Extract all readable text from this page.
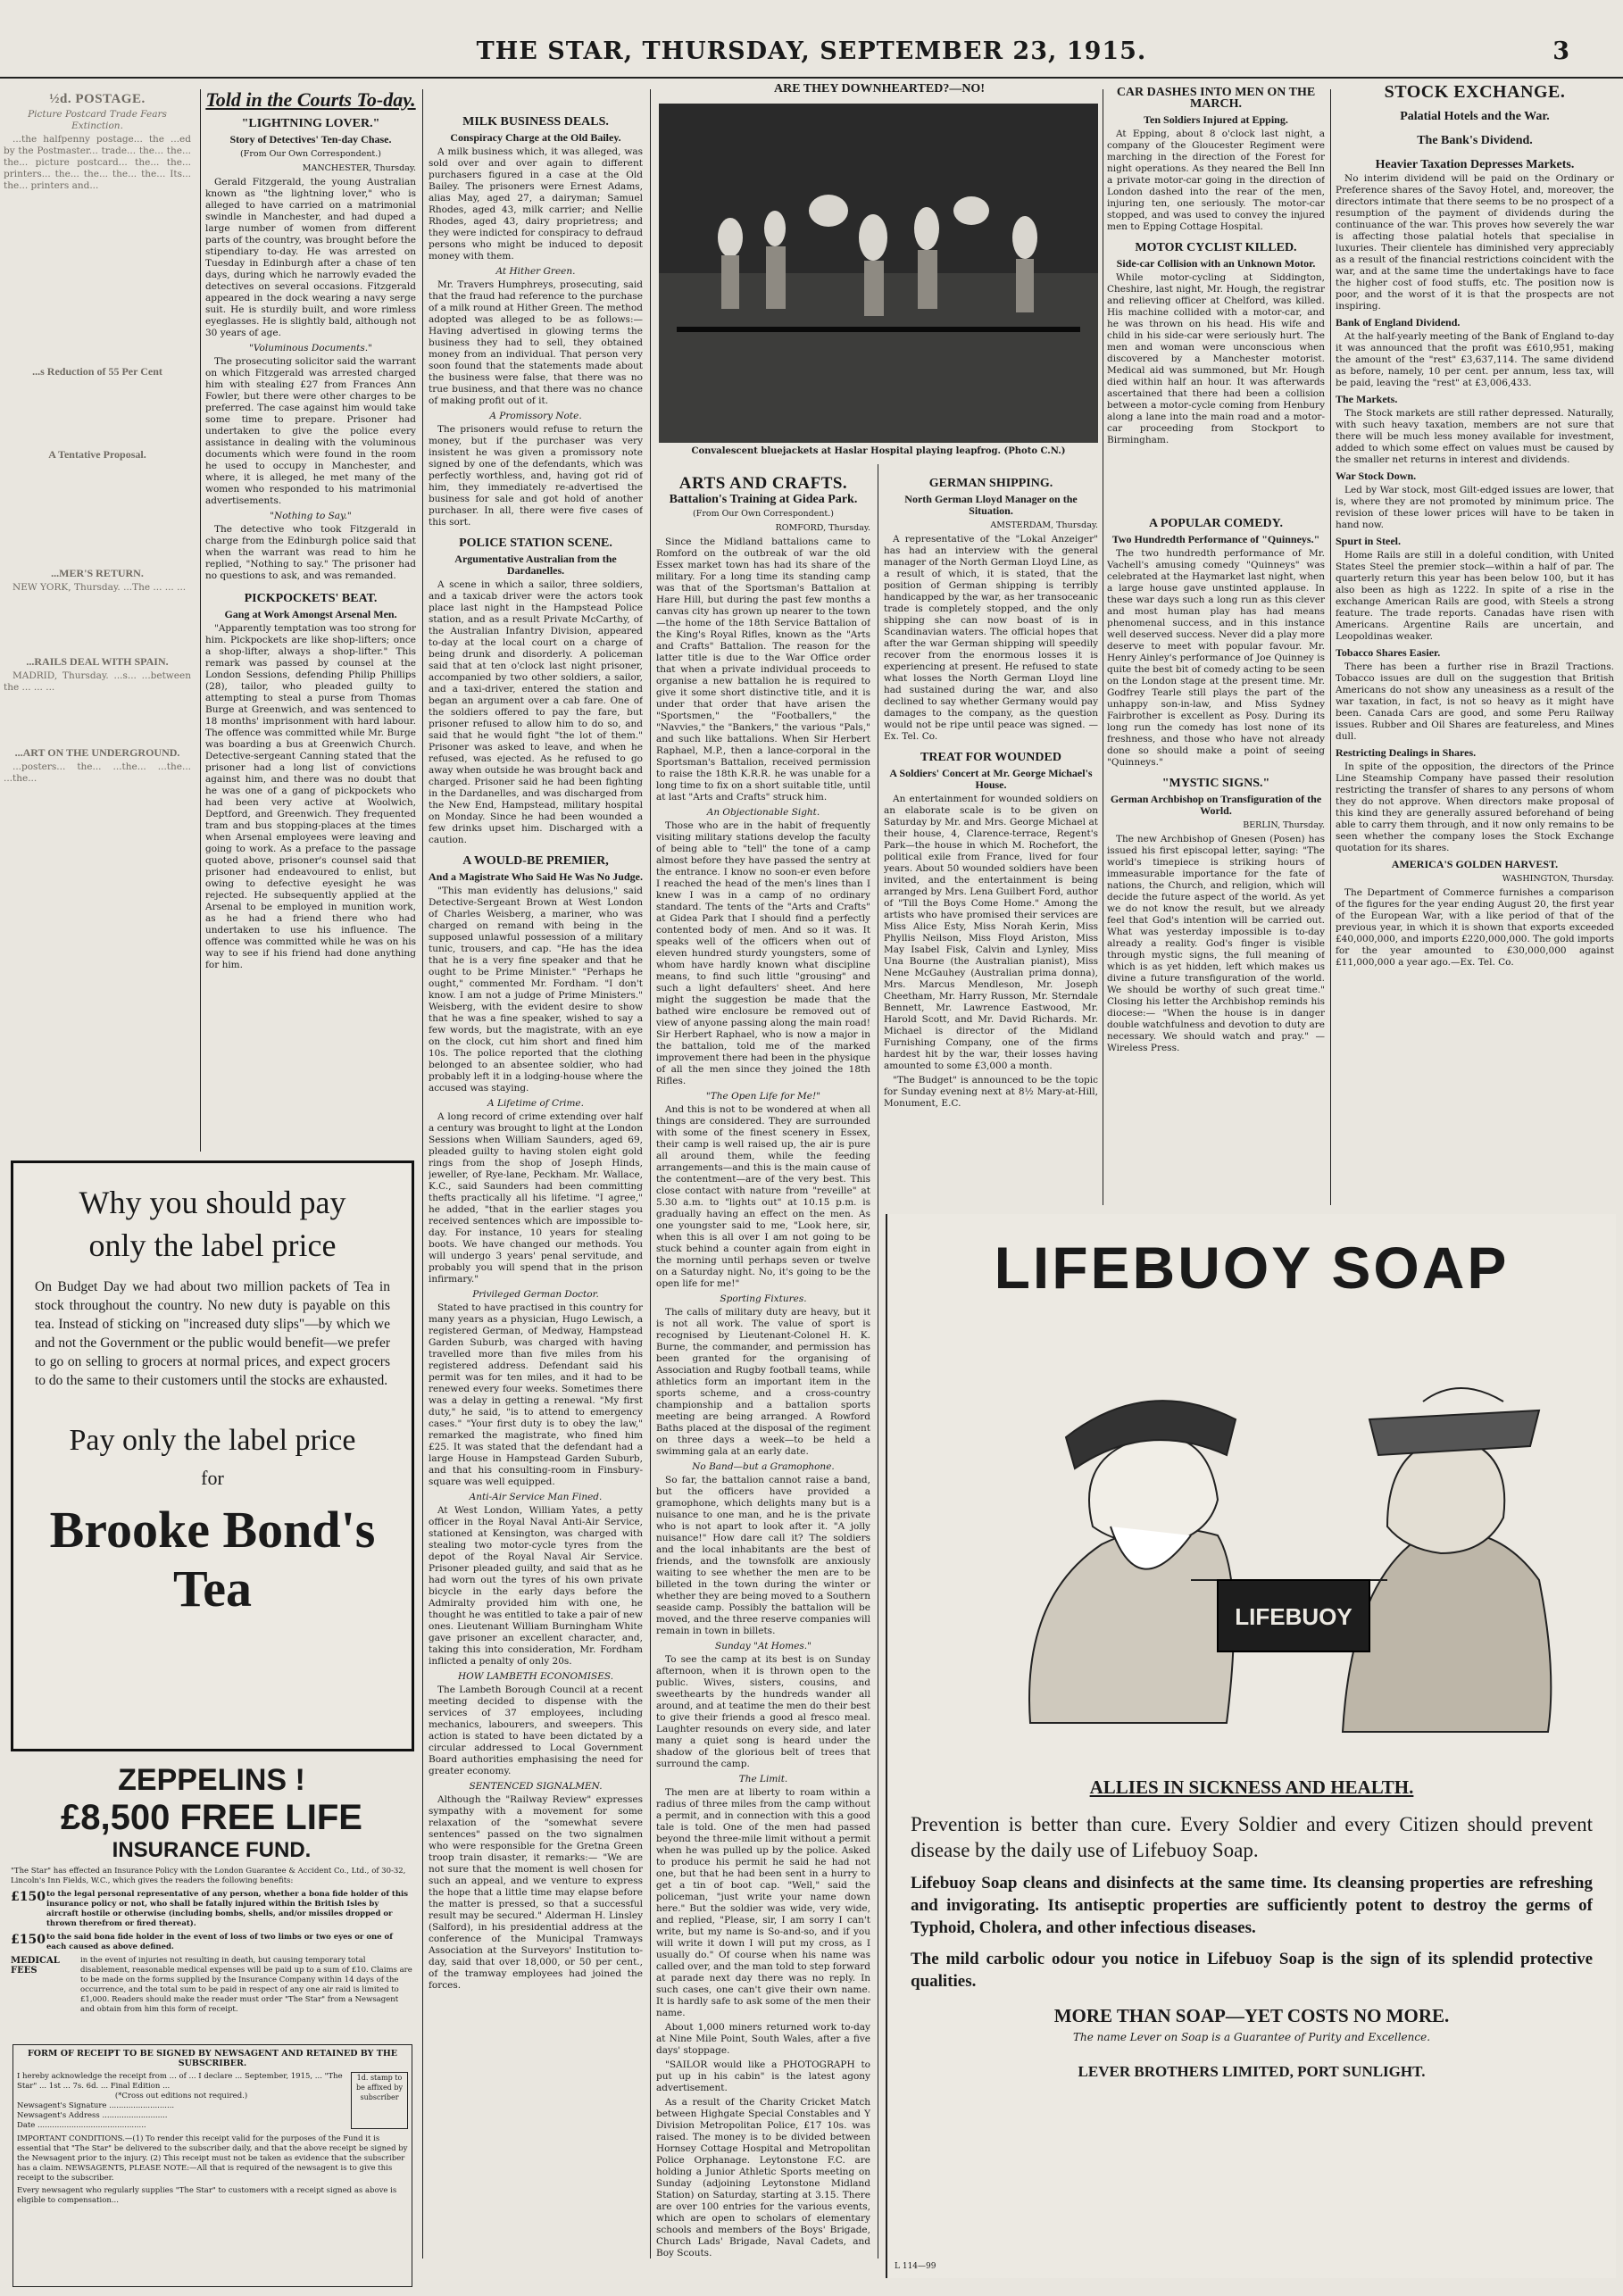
THE STAR, THURSDAY, SEPTEMBER 23, 1915.	3
½d. POSTAGE.
Picture Postcard Trade Fears Extinction.

...the halfpenny postage... the ...ed by the Postmaster... trade... the... the... the... picture postcard... the... the... printers... the... the... the... the... Its... the... printers and...

...s Reduction of 55 Per Cent
A Tentative Proposal.
...MER'S RETURN.

NEW YORK, Thursday. ...The ... ... ...

...RAILS DEAL WITH SPAIN.

MADRID, Thursday. ...s... ...between the ... ... ...

...ART ON THE UNDERGROUND.

...posters... the... ...the... ...the... ...the...

Told in the Courts To-day.
"LIGHTNING LOVER."
Story of Detectives' Ten-day Chase.
(From Our Own Correspondent.)
MANCHESTER, Thursday.

Gerald Fitzgerald, the young Australian known as "the lightning lover," who is alleged to have carried on a matrimonial swindle in Manchester, and had duped a large number of women from different parts of the country, was brought before the stipendiary to-day. He was arrested on Tuesday in Edinburgh after a chase of ten days, during which he narrowly evaded the detectives on several occasions. Fitzgerald appeared in the dock wearing a navy serge suit. He is sturdily built, and wore rimless eyeglasses. He is slightly bald, although not 30 years of age.

"Voluminous Documents."

The prosecuting solicitor said the warrant on which Fitzgerald was arrested charged him with stealing £27 from Frances Ann Fowler, but there were other charges to be preferred. The case against him would take some time to prepare. Prisoner had undertaken to give the police every assistance in dealing with the voluminous documents which were found in the room he used to occupy in Manchester, and where, it is alleged, he met many of the women who responded to his matrimonial advertisements.

"Nothing to Say."

The detective who took Fitzgerald in charge from the Edinburgh police said that when the warrant was read to him he replied, "Nothing to say." The prisoner had no questions to ask, and was remanded.

PICKPOCKETS' BEAT.
Gang at Work Amongst Arsenal Men.

"Apparently temptation was too strong for him. Pickpockets are like shop-lifters; once a shop-lifter, always a shop-lifter." This remark was passed by counsel at the London Sessions, defending Philip Phillips (28), tailor, who pleaded guilty to attempting to steal a purse from Thomas Burge at Greenwich, and was sentenced to 18 months' imprisonment with hard labour. The offence was committed while Mr. Burge was boarding a bus at Greenwich Church. Detective-sergeant Canning stated that the prisoner had a long list of convictions against him, and there was no doubt that he was one of a gang of pickpockets who had been very active at Woolwich, Deptford, and Greenwich. They frequented tram and bus stopping-places at the times when Arsenal employees were leaving and going to work. As a preface to the passage quoted above, prisoner's counsel said that prisoner had endeavoured to enlist, but owing to defective eyesight he was rejected. He subsequently applied at the Arsenal to be employed in munition work, as he had a friend there who had undertaken to use his influence. The offence was committed while he was on his way to see if his friend had done anything for him.

Why you should pay
only the label price
On Budget Day we had about two million packets of Tea in stock throughout the country. No new duty is payable on this tea. Instead of sticking on "increased duty slips"—by which we and not the Government or the public would benefit—we prefer to go on selling to grocers at normal prices, and expect grocers to do the same to their customers until the stocks are exhausted.
Pay only the label price
for
Brooke Bond's
Tea
ZEPPELINS !
£8,500 FREE LIFE
INSURANCE FUND.
"The Star" has effected an Insurance Policy with the London Guarantee & Accident Co., Ltd., of 30-32, Lincoln's Inn Fields, W.C., which gives the readers the following benefits:
£150 to the legal personal representative of any person, whether a bona fide holder of this insurance policy or not, who shall be fatally injured within the British Isles by aircraft hostile or otherwise (including bombs, shells, and/or missiles dropped or thrown therefrom or fired thereat).
£150 to the said bona fide holder in the event of loss of two limbs or two eyes or one of each caused as above defined.
MEDICAL FEES
in the event of injuries not resulting in death, but causing temporary total disablement, reasonable medical expenses will be paid up to a sum of £10. Claims are to be made on the forms supplied by the Insurance Company within 14 days of the occurrence, and the total sum to be paid in respect of any one air raid is limited to £1,000. Readers should make the reader must order "The Star" from a Newsagent and obtain from him this form of receipt.
FORM OF RECEIPT TO BE SIGNED BY NEWSAGENT AND RETAINED BY THE SUBSCRIBER.
I hereby acknowledge the receipt from ... of ... I declare ... September, 1915, ... "The Star" ... 1st ... 7s. 6d. ... Final Edition ...
(*Cross out editions not required.)
Newsagent's Signature ...........................
Newsagent's Address ...........................
Date .............................................
1d. stamp to be affixed by subscriber
IMPORTANT CONDITIONS.—(1) To render this receipt valid for the purposes of the Fund it is essential that "The Star" be delivered to the subscriber daily, and that the above receipt be signed by the Newsagent prior to the injury. (2) This receipt must not be taken as evidence that the subscriber has a claim. NEWSAGENTS, PLEASE NOTE:—All that is required of the newsagent is to give this receipt to the subscriber.
Every newsagent who regularly supplies "The Star" to customers with a receipt signed as above is eligible to compensation...
MILK BUSINESS DEALS.
Conspiracy Charge at the Old Bailey.

A milk business which, it was alleged, was sold over and over again to different purchasers figured in a case at the Old Bailey. The prisoners were Ernest Adams, alias May, aged 27, a dairyman; Samuel Rhodes, aged 43, milk carrier; and Nellie Rhodes, aged 43, dairy proprietress; and they were indicted for conspiracy to defraud persons who might be induced to deposit money with them.

At Hither Green.

Mr. Travers Humphreys, prosecuting, said that the fraud had reference to the purchase of a milk round at Hither Green. The method adopted was alleged to be as follows:— Having advertised in glowing terms the business they had to sell, they obtained money from an individual. That person very soon found that the statements made about the business were false, that there was no true business, and that there was no chance of making profit out of it.

A Promissory Note.

The prisoners would refuse to return the money, but if the purchaser was very insistent he was given a promissory note signed by one of the defendants, which was perfectly worthless, and, having got rid of him, they immediately re-advertised the business for sale and got hold of another purchaser. In all, there were five cases of this sort.

POLICE STATION SCENE.
Argumentative Australian from the Dardanelles.

A scene in which a sailor, three soldiers, and a taxicab driver were the actors took place last night in the Hampstead Police station, and as a result Private McCarthy, of the Australian Infantry Division, appeared to-day at the local court on a charge of being drunk and disorderly. A policeman said that at ten o'clock last night prisoner, accompanied by two other soldiers, a sailor, and a taxi-driver, entered the station and began an argument over a cab fare. One of the soldiers offered to pay the fare, but prisoner refused to allow him to do so, and said that he would fight "the lot of them." Prisoner was asked to leave, and when he refused, was ejected. As he refused to go away when outside he was brought back and charged. Prisoner said he had been fighting in the Dardanelles, and was discharged from the New End, Hampstead, military hospital on Monday. Since he had been wounded a few drinks upset him. Discharged with a caution.

A WOULD-BE PREMIER,
And a Magistrate Who Said He Was No Judge.

"This man evidently has delusions," said Detective-Sergeant Brown at West London of Charles Weisberg, a mariner, who was charged on remand with being in the supposed unlawful possession of a military tunic, trousers, and cap. "He has the idea that he is a very fine speaker and that he ought to be Prime Minister." "Perhaps he ought," commented Mr. Fordham. "I don't know. I am not a judge of Prime Ministers." Weisberg, with the evident desire to show that he was a fine speaker, wished to say a few words, but the magistrate, with an eye on the clock, cut him short and fined him 10s. The police reported that the clothing belonged to an absentee soldier, who had probably left it in a lodging-house where the accused was staying.

A Lifetime of Crime.

A long record of crime extending over half a century was brought to light at the London Sessions when William Saunders, aged 69, pleaded guilty to having stolen eight gold rings from the shop of Joseph Hinds, jeweller, of Rye-lane, Peckham. Mr. Wallace, K.C., said Saunders had been committing thefts practically all his lifetime. "I agree," he added, "that in the earlier stages you received sentences which are impossible to-day. For instance, 10 years for stealing boots. We have changed our methods. You will undergo 3 years' penal servitude, and probably you will spend that in the prison infirmary."

Privileged German Doctor.

Stated to have practised in this country for many years as a physician, Hugo Lewisch, a registered German, of Medway, Hampstead Garden Suburb, was charged with having travelled more than five miles from his registered address. Defendant said his permit was for ten miles, and it had to be renewed every four weeks. Sometimes there was a delay in getting a renewal. "My first duty," he said, "is to attend to emergency cases." "Your first duty is to obey the law," remarked the magistrate, who fined him £25. It was stated that the defendant had a large House in Hampstead Garden Suburb, and that his consulting-room in Finsbury-square was well equipped.

Anti-Air Service Man Fined.

At West London, William Yates, a petty officer in the Royal Naval Anti-Air Service, stationed at Kensington, was charged with stealing two motor-cycle tyres from the depot of the Royal Naval Air Service. Prisoner pleaded guilty, and said that as he had worn out the tyres of his own private bicycle in the early days before the Admiralty provided him with one, he thought he was entitled to take a pair of new ones. Lieutenant William Burningham White gave prisoner an excellent character, and, taking this into consideration, Mr. Fordham inflicted a penalty of only 20s.

HOW LAMBETH ECONOMISES.

The Lambeth Borough Council at a recent meeting decided to dispense with the services of 37 employees, including mechanics, labourers, and sweepers. This action is stated to have been dictated by a circular addressed to Local Government Board authorities emphasising the need for greater economy.

SENTENCED SIGNALMEN.

Although the "Railway Review" expresses sympathy with a movement for some relaxation of the "somewhat severe sentences" passed on the two signalmen who were responsible for the Gretna Green troop train disaster, it remarks:— "We are not sure that the moment is well chosen for such an appeal, and we venture to express the hope that a little time may elapse before the matter is pressed, so that a successful result may be secured." Alderman H. Linsley (Salford), in his presidential address at the conference of the Municipal Tramways Association at the Surveyors' Institution to-day, said that over 18,000, or 50 per cent., of the tramway employees had joined the forces.

ARE THEY DOWNHEARTED?—NO!
Convalescent bluejackets at Haslar Hospital playing leapfrog. (Photo C.N.)
ARTS AND CRAFTS.
Battalion's Training at Gidea Park.
(From Our Own Correspondent.)
ROMFORD, Thursday.

Since the Midland battalions came to Romford on the outbreak of war the old Essex market town has had its share of the military. For a long time its standing camp was that of the Sportsman's Battalion at Hare Hill, but during the past few months a canvas city has grown up nearer to the town—the home of the 18th Service Battalion of the King's Royal Rifles, known as the "Arts and Crafts" Battalion. The reason for the latter title is due to the War Office order that when a private individual proceeds to organise a new battalion he is required to give it some short distinctive title, and it is under that order that have arisen the "Sportsmen," the "Footballers," the "Navvies," the "Bankers," the various "Pals," and such like battalions. When Sir Herbert Raphael, M.P., then a lance-corporal in the Sportsman's Battalion, received permission to raise the 18th K.R.R. he was unable for a long time to fix on a short suitable title, until at last "Arts and Crafts" struck him.

An Objectionable Sight.

Those who are in the habit of frequently visiting military stations develop the faculty of being able to "tell" the tone of a camp almost before they have passed the sentry at the entrance. I know no soon-er even before I reached the head of the men's lines than I knew I was in a camp of no ordinary standard. The tents of the "Arts and Crafts" at Gidea Park that I should find a perfectly contented body of men. And so it was. It speaks well of the officers when out of eleven hundred sturdy youngsters, some of whom have hardly known what discipline means, to find such little "grousing" and such a light defaulters' sheet. And here might the suggestion be made that the bathed wire enclosure be removed out of view of anyone passing along the main road! Sir Herbert Raphael, who is now a major in the battalion, told me of the marked improvement there had been in the physique of all the men since they joined the 18th Rifles.

"The Open Life for Me!"

And this is not to be wondered at when all things are considered. They are surrounded with some of the finest scenery in Essex, their camp is well raised up, the air is pure all around them, while the feeding arrangements—and this is the main cause of the contentment—are of the very best. This close contact with nature from "reveille" at 5.30 a.m. to "lights out" at 10.15 p.m. is gradually having an effect on the men. As one youngster said to me, "Look here, sir, when this is all over I am not going to be stuck behind a counter again from eight in the morning until perhaps seven or twelve on a Saturday night. No, it's going to be the open life for me!"

Sporting Fixtures.

The calls of military duty are heavy, but it is not all work. The value of sport is recognised by Lieutenant-Colonel H. K. Burne, the commander, and permission has been granted for the organising of Association and Rugby football teams, while athletics form an important item in the sports scheme, and a cross-country championship and a battalion sports meeting are being arranged. A Rowford Baths placed at the disposal of the regiment on three days a week—to be held a swimming gala at an early date.

No Band—but a Gramophone.

So far, the battalion cannot raise a band, but the officers have provided a gramophone, which delights many but is a nuisance to one man, and he is the private who is not apart to look after it. "A jolly nuisance!" How dare call it? The soldiers and the local inhabitants are the best of friends, and the townsfolk are anxiously waiting to see whether the men are to be billeted in the town during the winter or whether they are being moved to a Southern seaside camp. Possibly the battalion will be moved, and the three reserve companies will remain in town in billets.

Sunday "At Homes."

To see the camp at its best is on Sunday afternoon, when it is thrown open to the public. Wives, sisters, cousins, and sweethearts by the hundreds wander all around, and at teatime the men do their best to give their friends a good al fresco meal. Laughter resounds on every side, and later many a quiet song is heard under the shadow of the glorious belt of trees that surround the camp.

The Limit.

The men are at liberty to roam within a radius of three miles from the camp without a permit, and in connection with this a good tale is told. One of the men had passed beyond the three-mile limit without a permit when he was pulled up by the police. Asked to produce his permit he said he had not one, but that he had been sent in a hurry to get a tin of boot cap. "Well," said the policeman, "just write your name down here." But the soldier was wide, very wide, and replied, "Please, sir, I am sorry I can't write, but my name is So-and-so, and if you will write it down I will put my cross, as I usually do." Of course when his name was called over, and the man told to step forward at parade next day there was no reply. In such cases, one can't give their own name. It is hardly safe to ask some of the men their name.

About 1,000 miners returned work to-day at Nine Mile Point, South Wales, after a five days' stoppage.

"SAILOR would like a PHOTOGRAPH to put up in his cabin" is the latest agony advertisement.

As a result of the Charity Cricket Match between Highgate Special Constables and Y Division Metropolitan Police, £17 10s. was raised. The money is to be divided between Hornsey Cottage Hospital and Metropolitan Police Orphanage. Leytonstone F.C. are holding a Junior Athletic Sports meeting on Sunday (adjoining Leytonstone Midland Station) on Saturday, starting at 3.15. There are over 100 entries for the various events, which are open to scholars of elementary schools and members of the Boys' Brigade, Church Lads' Brigade, Naval Cadets, and Boy Scouts.

CAR DASHES INTO MEN ON THE MARCH.
Ten Soldiers Injured at Epping.

At Epping, about 8 o'clock last night, a company of the Gloucester Regiment were marching in the direction of the Forest for night operations. As they neared the Bell Inn a private motor-car going in the direction of London dashed into the rear of the men, injuring ten, one seriously. The motor-car stopped, and was used to convey the injured men to Epping Cottage Hospital.

MOTOR CYCLIST KILLED.
Side-car Collision with an Unknown Motor.

While motor-cycling at Siddington, Cheshire, last night, Mr. Hough, the registrar and relieving officer at Chelford, was killed. His machine collided with a motor-car, and he was thrown on his head. His wife and child in his side-car were seriously hurt. The men and woman were unconscious when discovered by a Manchester motorist. Medical aid was summoned, but Mr. Hough died within half an hour. It was afterwards ascertained that there had been a collision between a motor-cycle coming from Henbury along a lane into the main road and a motor-car proceeding from Stockport to Birmingham.

GERMAN SHIPPING.
North German Lloyd Manager on the Situation.
AMSTERDAM, Thursday.

A representative of the "Lokal Anzeiger" has had an interview with the general manager of the North German Lloyd Line, as a result of which, it is stated, that the position of German shipping is terribly handicapped by the war, as her transoceanic trade is completely stopped, and the only shipping she can now boast of is in Scandinavian waters. The official hopes that after the war German shipping will speedily recover from the enormous losses it is experiencing at present. He refused to state what losses the North German Lloyd line had sustained during the war, and also declined to say whether Germany would pay damages to the company, as the question would not be ripe until peace was signed. —Ex. Tel. Co.

TREAT FOR WOUNDED
A Soldiers' Concert at Mr. George Michael's House.

An entertainment for wounded soldiers on an elaborate scale is to be given on Saturday by Mr. and Mrs. George Michael at their house, 4, Clarence-terrace, Regent's Park—the house in which M. Rochefort, the political exile from France, lived for four years. About 50 wounded soldiers have been invited, and the entertainment is being arranged by Mrs. Lena Guilbert Ford, author of "Till the Boys Come Home." Among the artists who have promised their services are Miss Alice Esty, Miss Norah Kerin, Miss Phyllis Neilson, Miss Floyd Ariston, Miss May Isabel Fisk, Calvin and Lynley, Miss Una Bourne (the Australian pianist), Miss Nene McGauhey (Australian prima donna), Mrs. Marcus Mendleson, Mr. Joseph Cheetham, Mr. Harry Russon, Mr. Sterndale Bennett, Mr. Lawrence Eastwood, Mr. Harold Scott, and Mr. David Richards. Mr. Michael is director of the Midland Furnishing Company, one of the firms hardest hit by the war, their losses having amounted to some £3,000 a month.

"The Budget" is announced to be the topic for Sunday evening next at 8½ Mary-at-Hill, Monument, E.C.

A POPULAR COMEDY.
Two Hundredth Performance of "Quinneys."

The two hundredth performance of Mr. Vachell's amusing comedy "Quinneys" was celebrated at the Haymarket last night, when a large house gave unstinted applause. In these war days such a long run as this clever and most human play has had means phenomenal success, and in this instance well deserved success. Never did a play more deserve to meet with popular favour. Mr. Henry Ainley's performance of Joe Quinney is quite the best bit of comedy acting to be seen on the London stage at the present time. Mr. Godfrey Tearle still plays the part of the unhappy son-in-law, and Miss Sydney Fairbrother is excellent as Posy. During its long run the comedy has lost none of its freshness, and those who have not already done so should make a point of seeing "Quinneys."

"MYSTIC SIGNS."
German Archbishop on Transfiguration of the World.
BERLIN, Thursday.

The new Archbishop of Gnesen (Posen) has issued his first episcopal letter, saying: "The world's timepiece is striking hours of immeasurable importance for the fate of nations, the Church, and religion, which will decide the future aspect of the world. As yet we do not know the result, but we already feel that God's intention will be carried out. What was yesterday impossible is to-day already a reality. God's finger is visible through mystic signs, the full meaning of which is as yet hidden, left which makes us divine a future transfiguration of the world. We should be worthy of such great time." Closing his letter the Archbishop reminds his diocese:— "When the house is in danger double watchfulness and devotion to duty are necessary. We should watch and pray." —Wireless Press.

STOCK EXCHANGE.
Palatial Hotels and the War.
The Bank's Dividend.
Heavier Taxation Depresses Markets.

No interim dividend will be paid on the Ordinary or Preference shares of the Savoy Hotel, and, moreover, the directors intimate that there seems to be no prospect of a resumption of the payment of dividends during the continuance of the war. This proves how severely the war is affecting those palatial hotels that specialise in luxuries. Their clientele has diminished very appreciably as a result of the financial restrictions coincident with the war, and at the same time the undertakings have to face the higher cost of food stuffs, etc. The position now is poor, and the worst of it is that the prospects are not inspiring.

Bank of England Dividend.

At the half-yearly meeting of the Bank of England to-day it was announced that the profit was £610,951, making the amount of the "rest" £3,637,114. The same dividend as before, namely, 10 per cent. per annum, less tax, will be paid, leaving the "rest" at £3,006,433.

The Markets.

The Stock markets are still rather depressed. Naturally, with such heavy taxation, members are not sure that there will be much less money available for investment, added to which some effect on values must be caused by the smaller net returns in interest and dividends.

War Stock Down.

Led by War stock, most Gilt-edged issues are lower, that is, where they are not promoted by minimum price. The revision of these lower prices will have to be taken in hand now.

Spurt in Steel.

Home Rails are still in a doleful condition, with United States Steel the premier stock—within a half of par. The quarterly return this year has been below 100, but it has also been as high as 1222. In spite of a rise in the exchange American Rails are good, with Steels a strong feature. The trade reports. Canadas have risen with Americans. Argentine Rails are uncertain, and Leopoldinas weaker.

Tobacco Shares Easier.

There has been a further rise in Brazil Tractions. Tobacco issues are dull on the suggestion that British Americans do not show any uneasiness as a result of the war taxation, in fact, is not so heavy as it might have been. Canada Cars are good, and some Peru Railway issues. Rubber and Oil Shares are featureless, and Mines dull.

Restricting Dealings in Shares.

In spite of the opposition, the directors of the Prince Line Steamship Company have passed their resolution restricting the transfer of shares to any persons of whom they do not approve. When directors make proposal of this kind they are generally assured beforehand of being able to carry them through, and it now only remains to be seen whether the company loses the Stock Exchange quotation for its shares.

AMERICA'S GOLDEN HARVEST.
WASHINGTON, Thursday.

The Department of Commerce furnishes a comparison of the figures for the year ending August 20, the first year of the European War, with a like period of that of the previous year, in which it is shown that exports exceeded £40,000,000, and imports £220,000,000. The gold imports for the year amounted to £30,000,000 against £11,000,000 a year ago.—Ex. Tel. Co.

LIFEBUOY SOAP
LIFEBUOY
ALLIES IN SICKNESS AND HEALTH.
Prevention is better than cure. Every Soldier and every Citizen should prevent disease by the daily use of Lifebuoy Soap.
Lifebuoy Soap cleans and disinfects at the same time. Its cleansing properties are refreshing and invigorating. Its antiseptic properties are sufficiently potent to destroy the germs of Typhoid, Cholera, and other infectious diseases.
The mild carbolic odour you notice in Lifebuoy Soap is the sign of its splendid protective qualities.
MORE THAN SOAP—YET COSTS NO MORE.
The name Lever on Soap is a Guarantee of Purity and Excellence.
LEVER BROTHERS LIMITED, PORT SUNLIGHT.
L 114—99
